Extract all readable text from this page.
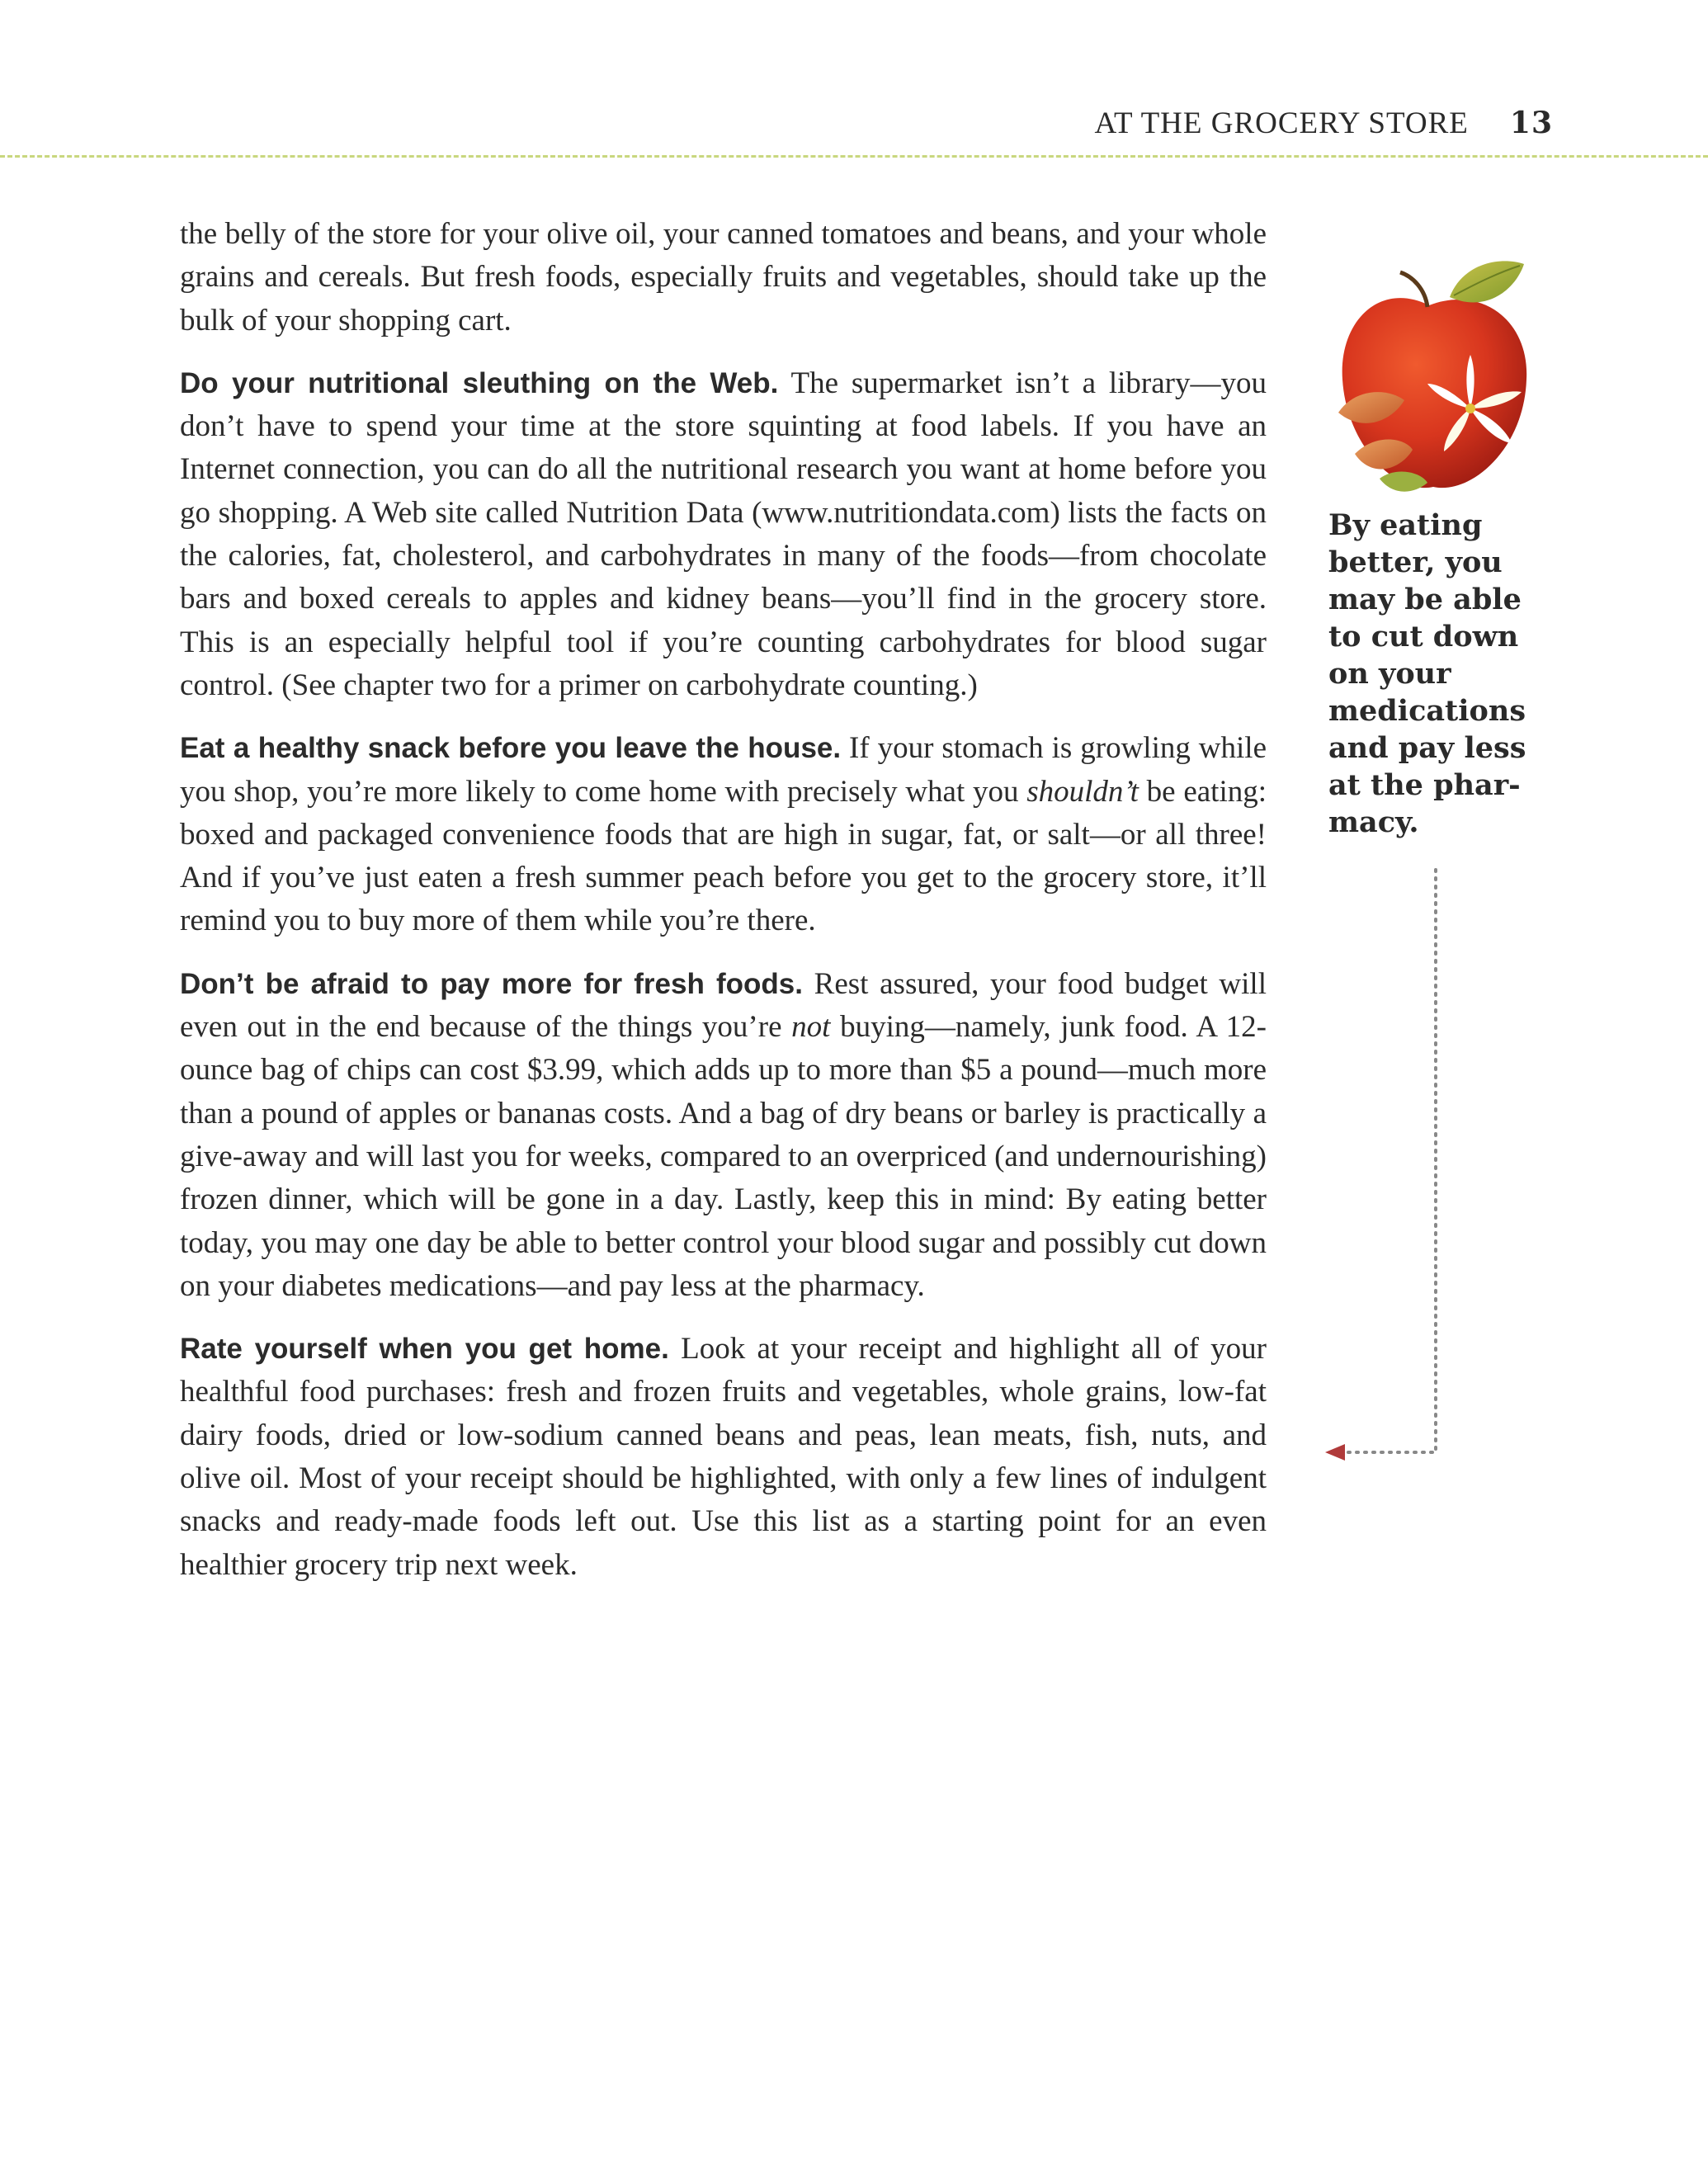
AT THE GROCERY STORE 13

the belly of the store for your olive oil, your canned tomatoes and beans, and your whole grains and cereals. But fresh foods, especially fruits and vegetables, should take up the bulk of your shopping cart.

Do your nutritional sleuthing on the Web. The supermarket isn’t a library—you don’t have to spend your time at the store squinting at food labels. If you have an Internet connection, you can do all the nutritional research you want at home before you go shopping. A Web site called Nutrition Data (www.nutritiondata.com) lists the facts on the calories, fat, cholesterol, and carbohydrates in many of the foods—from chocolate bars and boxed cereals to apples and kidney beans—you’ll find in the grocery store. This is an especially helpful tool if you’re counting carbohydrates for blood sugar control. (See chapter two for a primer on carbohydrate counting.)

Eat a healthy snack before you leave the house. If your stomach is growling while you shop, you’re more likely to come home with precisely what you shouldn’t be eating: boxed and packaged convenience foods that are high in sugar, fat, or salt—or all three! And if you’ve just eaten a fresh summer peach before you get to the grocery store, it’ll remind you to buy more of them while you’re there.

Don’t be afraid to pay more for fresh foods. Rest assured, your food budget will even out in the end because of the things you’re not buying—namely, junk food. A 12-ounce bag of chips can cost $3.99, which adds up to more than $5 a pound—much more than a pound of apples or bananas costs. And a bag of dry beans or barley is practically a give-away and will last you for weeks, compared to an overpriced (and undernourishing) frozen dinner, which will be gone in a day. Lastly, keep this in mind: By eating better today, you may one day be able to better control your blood sugar and possibly cut down on your diabetes medications—and pay less at the pharmacy.

Rate yourself when you get home. Look at your receipt and highlight all of your healthful food purchases: fresh and frozen fruits and vegetables, whole grains, low-fat dairy foods, dried or low-sodium canned beans and peas, lean meats, fish, nuts, and olive oil. Most of your receipt should be highlighted, with only a few lines of indulgent snacks and ready-made foods left out. Use this list as a starting point for an even healthier grocery trip next week.

By eating better, you may be able to cut down on your medications and pay less at the pharmacy.
